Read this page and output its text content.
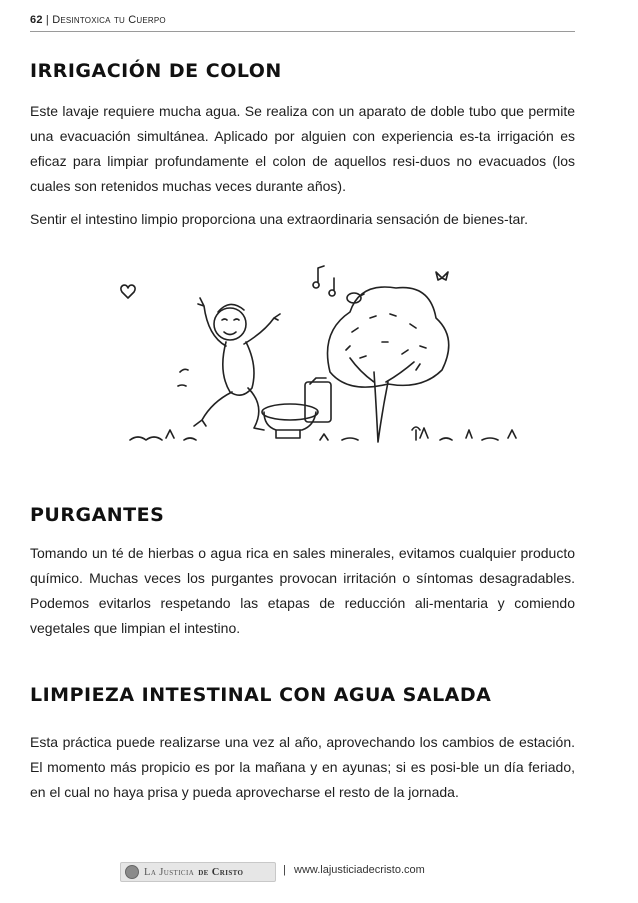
62 | Desintoxica tu Cuerpo
IRRIGACIÓN DE COLON

Este lavaje requiere mucha agua. Se realiza con un aparato de doble tubo que permite una evacuación simultánea. Aplicado por alguien con experiencia es-ta irrigación es eficaz para limpiar profundamente el colon de aquellos resi-duos no evacuados (los cuales son retenidos muchas veces durante años).

Sentir el intestino limpio proporciona una extraordinaria sensación de bienes-tar.

PURGANTES

Tomando un té de hierbas o agua rica en sales minerales, evitamos cualquier producto químico. Muchas veces los purgantes provocan irritación o síntomas desagradables. Podemos evitarlos respetando las etapas de reducción ali-mentaria y comiendo vegetales que limpian el intestino.

LIMPIEZA INTESTINAL CON AGUA SALADA

Esta práctica puede realizarse una vez al año, aprovechando los cambios de estación. El momento más propicio es por la mañana y en ayunas; si es posi-ble un día feriado, en el cual no haya prisa y pueda aprovecharse el resto de la jornada.

La Justicia de Cristo	| www.lajusticiadecristo.com
